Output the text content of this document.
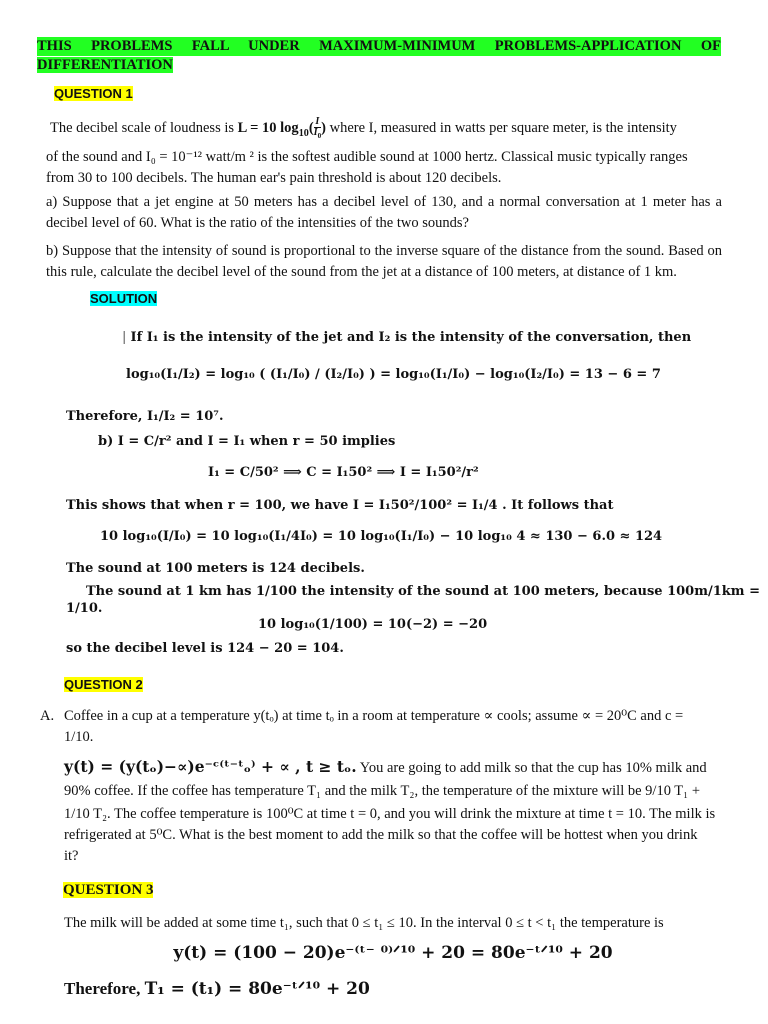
THIS PROBLEMS FALL UNDER MAXIMUM-MINIMUM PROBLEMS-APPLICATION OF
DIFFERENTIATION
QUESTION 1
The decibel scale of loudness is L = 10 $\log_{10}( \frac{I}{I_0}$ ) where I, measured in watts per square meter, is the intensity
of the sound and I₀ = 10⁻¹² watt/m ² is the softest audible sound at 1000 hertz. Classical music typically ranges
from 30 to 100 decibels. The human ear's pain threshold is about 120 decibels.
a) Suppose that a jet engine at 50 meters has a decibel level of 130, and a normal conversation at 1 meter has a decibel level of 60. What is the ratio of the intensities of the two sounds?
b) Suppose that the intensity of sound is proportional to the inverse square of the distance from the sound. Based on this rule, calculate the decibel level of the sound from the jet at a distance of 100 meters, at distance of 1 km.
SOLUTION
| If I₁ is the intensity of the jet and I₂ is the intensity of the conversation, then
log₁₀(I₁/I₂) = log₁₀ ( (I₁/I₀) / (I₂/I₀) ) = log₁₀(I₁/I₀) − log₁₀(I₂/I₀) = 13 − 6 = 7
Therefore, I₁/I₂ = 10⁷.
b) I = C/r² and I = I₁ when r = 50 implies
I₁ = C/50² ⟹ C = I₁50² ⟹ I = I₁50²/r²
This shows that when r = 100, we have I = I₁50²/100² = I₁/4 . It follows that
10 log₁₀(I/I₀) = 10 log₁₀(I₁/4I₀) = 10 log₁₀(I₁/I₀) − 10 log₁₀ 4 ≈ 130 − 6.0 ≈ 124
The sound at 100 meters is 124 decibels.
The sound at 1 km has 1/100 the intensity of the sound at 100 meters, because 100m/1km =
1/10.
10 log₁₀(1/100) = 10(−2) = −20
so the decibel level is 124 − 20 = 104.
QUESTION 2
A. Coffee in a cup at a temperature y(tₒ) at time tₒ in a room at temperature ∝ cools; assume ∝ = 20⁰C and c =
1/10.
y(t) = (y(tₒ)−∝)e⁻ᶜ⁽ᵗ⁻ᵗₒ⁾ + ∝ , t ≥ tₒ. You are going to add milk so that the cup has 10% milk and
90% coffee. If the coffee has temperature T₁ and the milk T₂, the temperature of the mixture will be 9/10 T₁ +
1/10 T₂. The coffee temperature is 100⁰C at time t = 0, and you will drink the mixture at time t = 10. The milk is
refrigerated at 5⁰C. What is the best moment to add the milk so that the coffee will be hottest when you drink
it?
QUESTION 3
The milk will be added at some time t₁, such that 0 ≤ t₁ ≤ 10. In the interval 0 ≤ t < t₁ the temperature is
y(t) = (100 − 20)e⁻⁽ᵗ⁻ ⁰⁾ᐟ¹⁰ + 20 = 80e⁻ᵗᐟ¹⁰ + 20
Therefore, T₁ = (t₁) = 80e⁻ᵗᐟ¹⁰ + 20
